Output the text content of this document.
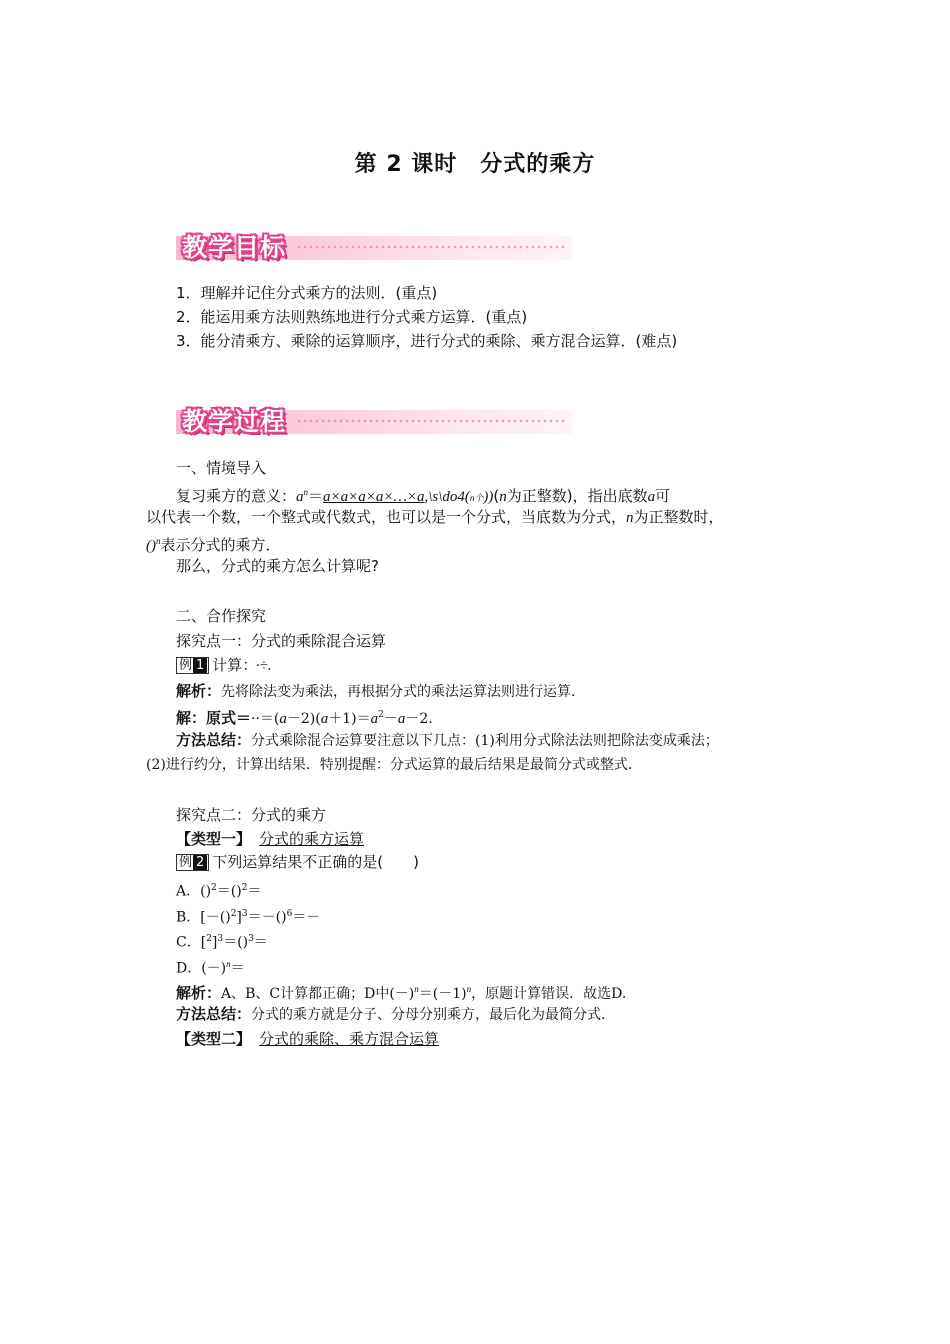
第 2 课时　分式的乘方
教学目标
1．理解并记住分式乘方的法则．(重点)
2．能运用乘方法则熟练地进行分式乘方运算．(重点)
3．能分清乘方、乘除的运算顺序，进行分式的乘除、乘方混合运算．(难点)
教学过程
一、情境导入
复习乘方的意义：$a^n=a\times a\times a\times a\times\dots\times a,\backslash s\backslash do4(n$个))(n为正整数)，指出底数a可
以代表一个数，一个整式或代数式，也可以是一个分式，当底数为分式，n为正整数时，
()$^n$表示分式的乘方．
那么，分式的乘方怎么计算呢?
二、合作探究
探究点一：分式的乘除混合运算
例 1 计算： ·÷.
解析：先将除法变为乘法，再根据分式的乘法运算法则进行运算．
解：原式$=\cdot\cdot=(a-2)(a+1)=a^2-a-2$.
方法总结：分式乘除混合运算要注意以下几点：(1)利用分式除法法则把除法变成乘法；
(2)进行约分，计算出结果．特别提醒：分式运算的最后结果是最简分式或整式．
探究点二：分式的乘方
【类型一】 分式的乘方运算
例 2 下列运算结果不正确的是(　　)
A．()$^2$＝()$^2$＝
B．$[-()^2]^3=-()^6=-$
C．$[^2]^3=()^3=$
D．$(-)^n=$
解析：A、B、C计算都正确；D中$(-)^n=(-1)^n$，原题计算错误．故选D.
方法总结：分式的乘方就是分子、分母分别乘方，最后化为最简分式．
【类型二】 分式的乘除、乘方混合运算
